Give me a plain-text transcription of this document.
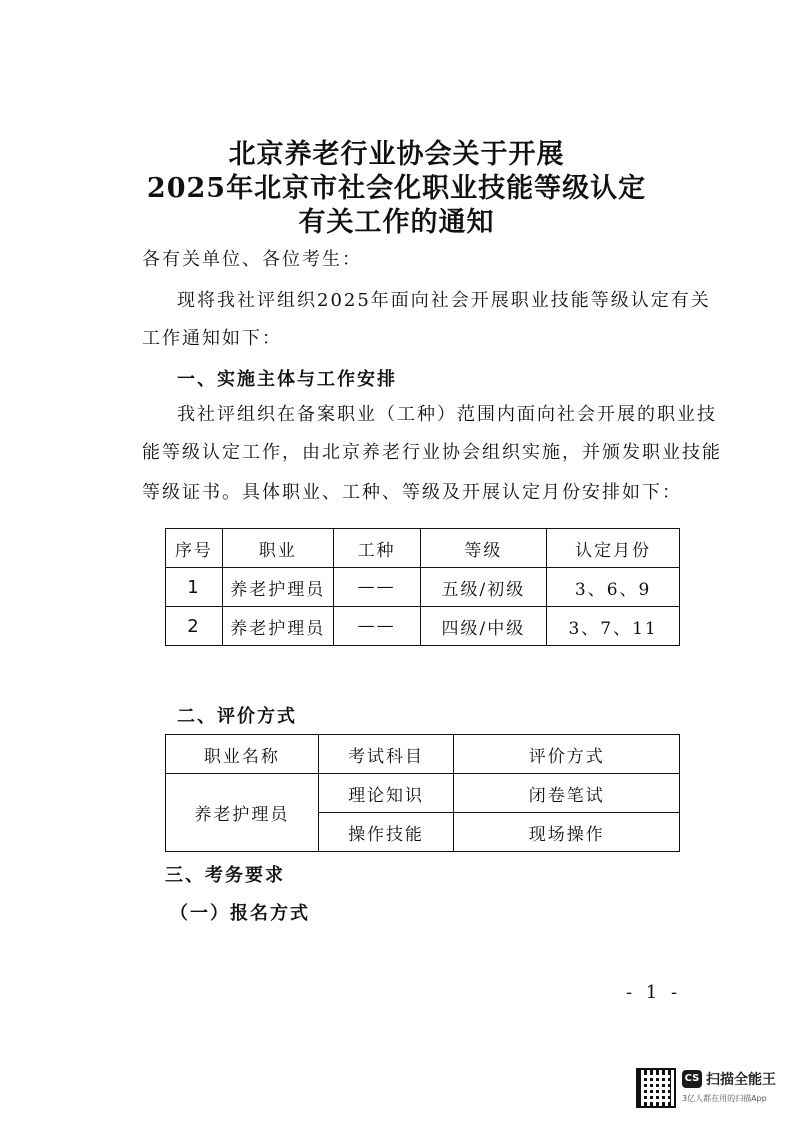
北京养老行业协会关于开展
2025年北京市社会化职业技能等级认定
有关工作的通知

各有关单位、各位考生：

现将我社评组织2025年面向社会开展职业技能等级认定有关

工作通知如下：

一、实施主体与工作安排

我社评组织在备案职业（工种）范围内面向社会开展的职业技

能等级认定工作，由北京养老行业协会组织实施，并颁发职业技能

等级证书。具体职业、工种、等级及开展认定月份安排如下：

序号	职业	工种	等级	认定月份
1	养老护理员	——	五级/初级	3、6、9
2	养老护理员	——	四级/中级	3、7、11

二、评价方式

职业名称	考试科目	评价方式
养老护理员	理论知识	闭卷笔试
	操作技能	现场操作

三、考务要求

（一）报名方式

- 1 -
CS 扫描全能王
3亿人都在用的扫描App
